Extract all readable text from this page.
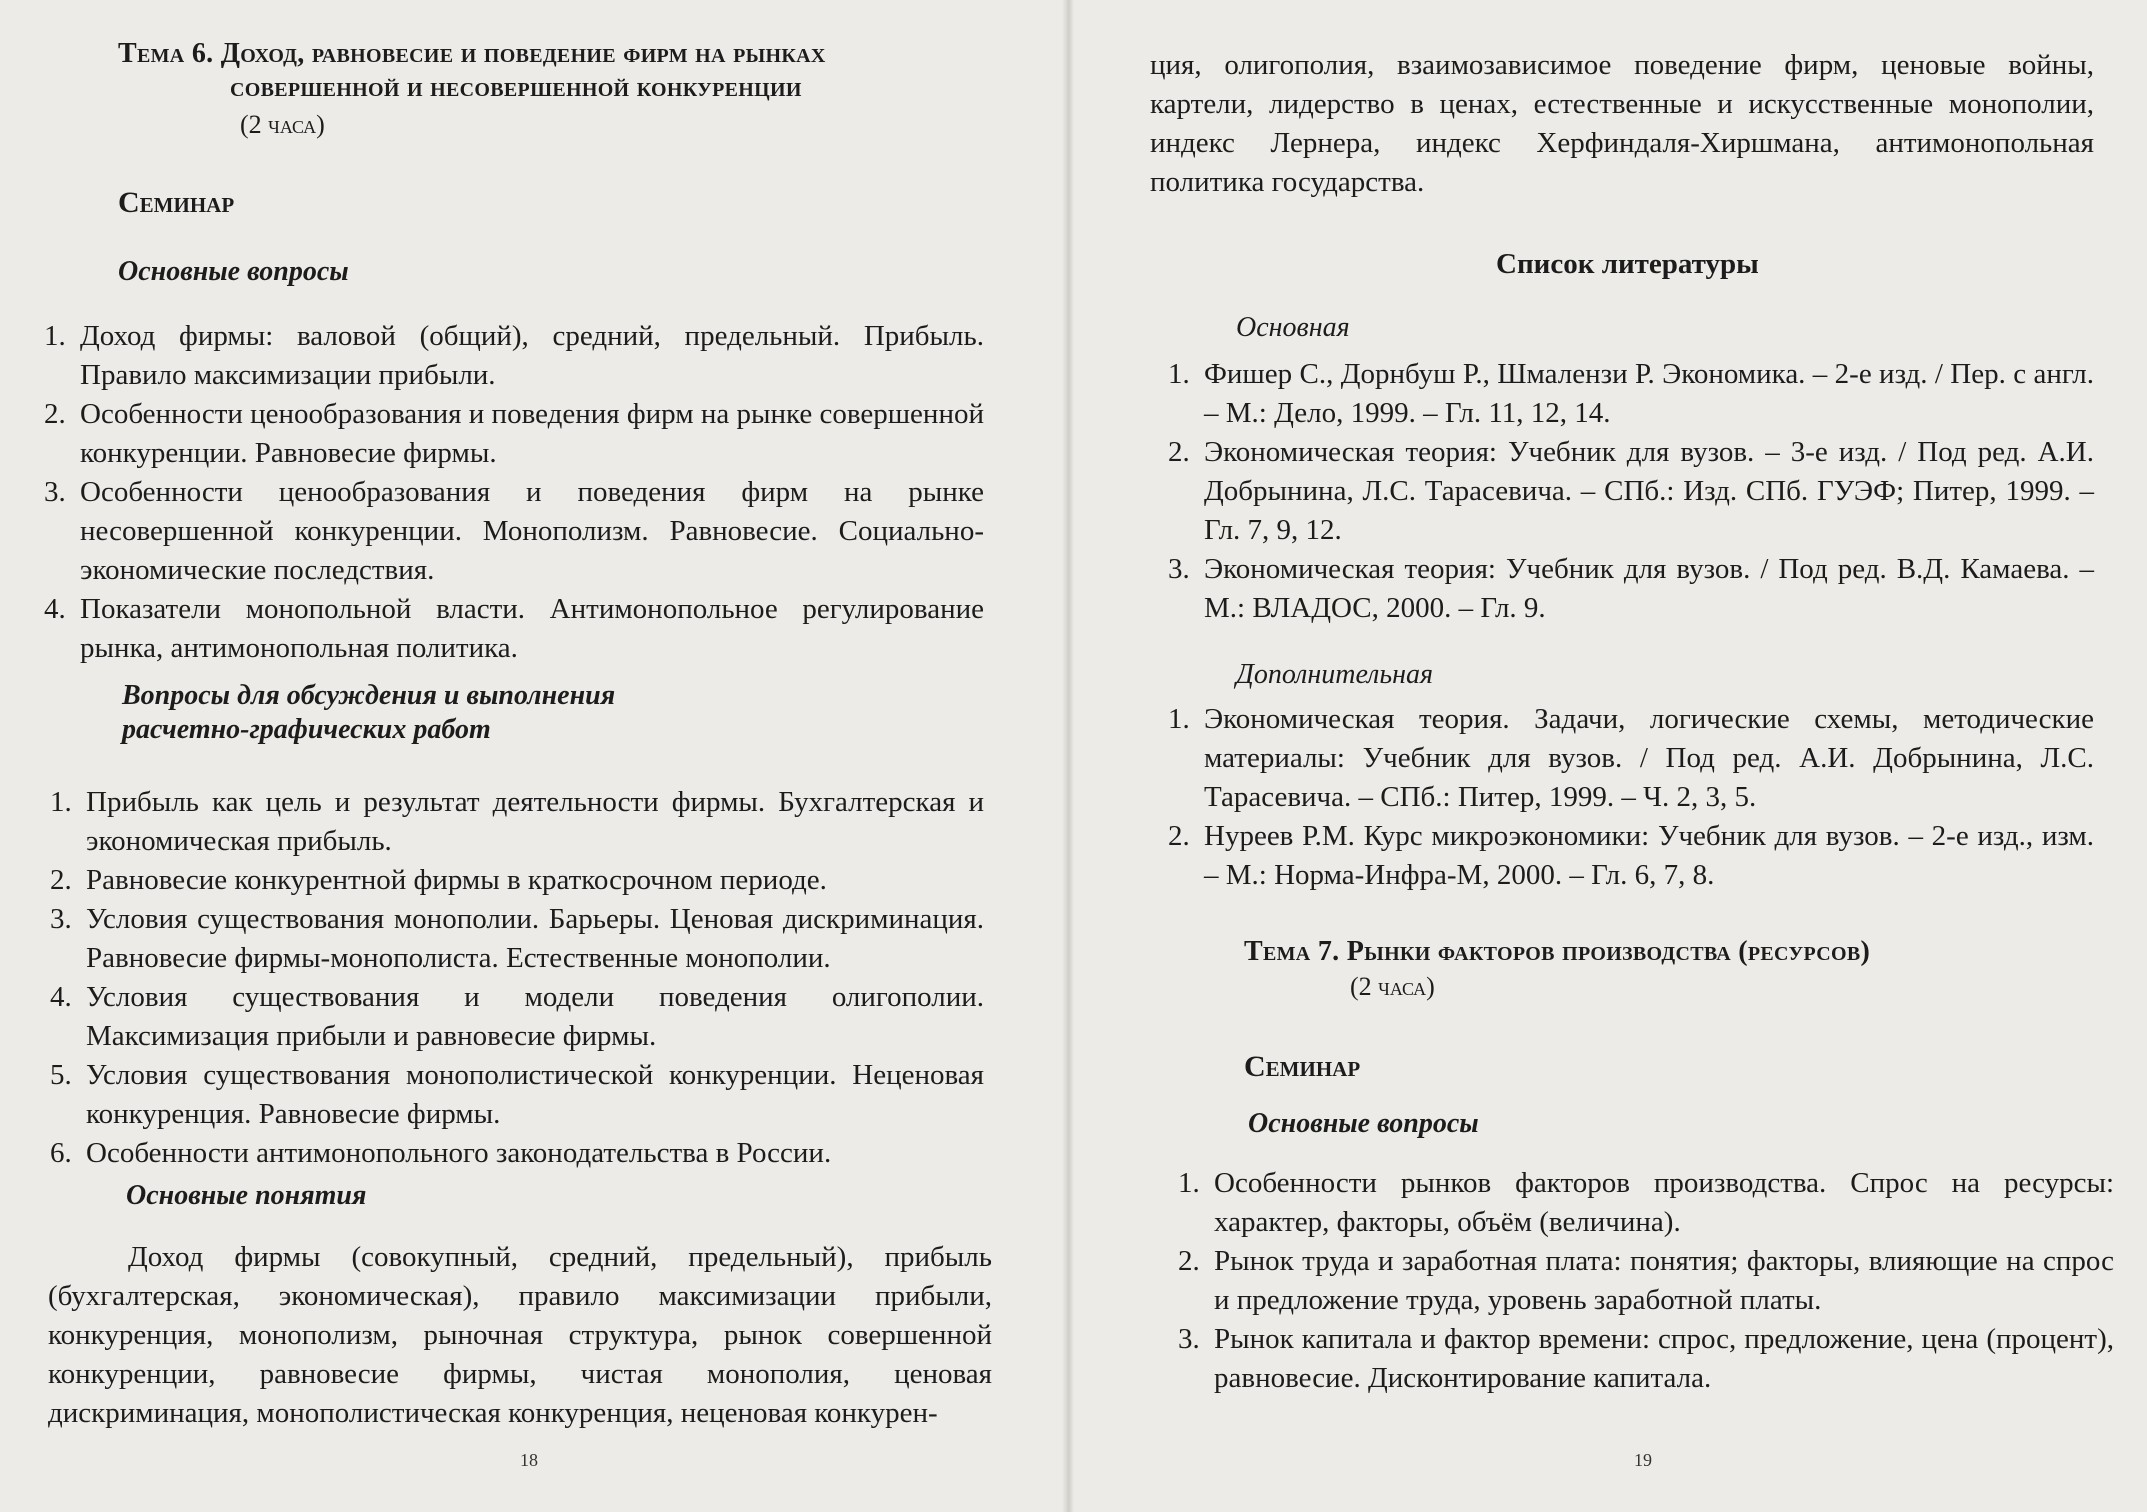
Тема 6. Доход, равновесие и поведение фирм на рынках
совершенной и несовершенной конкуренции
(2 часа)
Семинар
Основные вопросы
1. Доход фирмы: валовой (общий), средний, предельный. Прибыль. Правило максимизации прибыли.
2. Особенности ценообразования и поведения фирм на рынке совершенной конкуренции. Равновесие фирмы.
3. Особенности ценообразования и поведения фирм на рынке несовершенной конкуренции. Монополизм. Равновесие. Социально-экономические последствия.
4. Показатели монопольной власти. Антимонопольное регулирование рынка, антимонопольная политика.
Вопросы для обсуждения и выполнения
расчетно-графических работ
1. Прибыль как цель и результат деятельности фирмы. Бухгалтерская и экономическая прибыль.
2. Равновесие конкурентной фирмы в краткосрочном периоде.
3. Условия существования монополии. Барьеры. Ценовая дискриминация. Равновесие фирмы-монополиста. Естественные монополии.
4. Условия существования и модели поведения олигополии. Максимизация прибыли и равновесие фирмы.
5. Условия существования монополистической конкуренции. Неценовая конкуренция. Равновесие фирмы.
6. Особенности антимонопольного законодательства в России.
Основные понятия
Доход фирмы (совокупный, средний, предельный), прибыль (бухгалтерская, экономическая), правило максимизации прибыли, конкуренция, монополизм, рыночная структура, рынок совершенной конкуренции, равновесие фирмы, чистая монополия, ценовая дискриминация, монополистическая конкуренция, неценовая конкурен-
18
ция, олигополия, взаимозависимое поведение фирм, ценовые войны, картели, лидерство в ценах, естественные и искусственные монополии, индекс Лернера, индекс Херфиндаля-Хиршмана, антимонопольная политика государства.
Список литературы
Основная
1. Фишер С., Дорнбуш Р., Шмалензи Р. Экономика. – 2-е изд. / Пер. с англ. – М.: Дело, 1999. – Гл. 11, 12, 14.
2. Экономическая теория: Учебник для вузов. – 3-е изд. / Под ред. А.И. Добрынина, Л.С. Тарасевича. – СПб.: Изд. СПб. ГУЭФ; Питер, 1999. – Гл. 7, 9, 12.
3. Экономическая теория: Учебник для вузов. / Под ред. В.Д. Камаева. – М.: ВЛАДОС, 2000. – Гл. 9.
Дополнительная
1. Экономическая теория. Задачи, логические схемы, методические материалы: Учебник для вузов. / Под ред. А.И. Добрынина, Л.С. Тарасевича. – СПб.: Питер, 1999. – Ч. 2, 3, 5.
2. Нуреев Р.М. Курс микроэкономики: Учебник для вузов. – 2-е изд., изм. – М.: Норма-Инфра-М, 2000. – Гл. 6, 7, 8.
Тема 7. Рынки факторов производства (ресурсов)
(2 часа)
Семинар
Основные вопросы
1. Особенности рынков факторов производства. Спрос на ресурсы: характер, факторы, объём (величина).
2. Рынок труда и заработная плата: понятия; факторы, влияющие на спрос и предложение труда, уровень заработной платы.
3. Рынок капитала и фактор времени: спрос, предложение, цена (процент), равновесие. Дисконтирование капитала.
19
